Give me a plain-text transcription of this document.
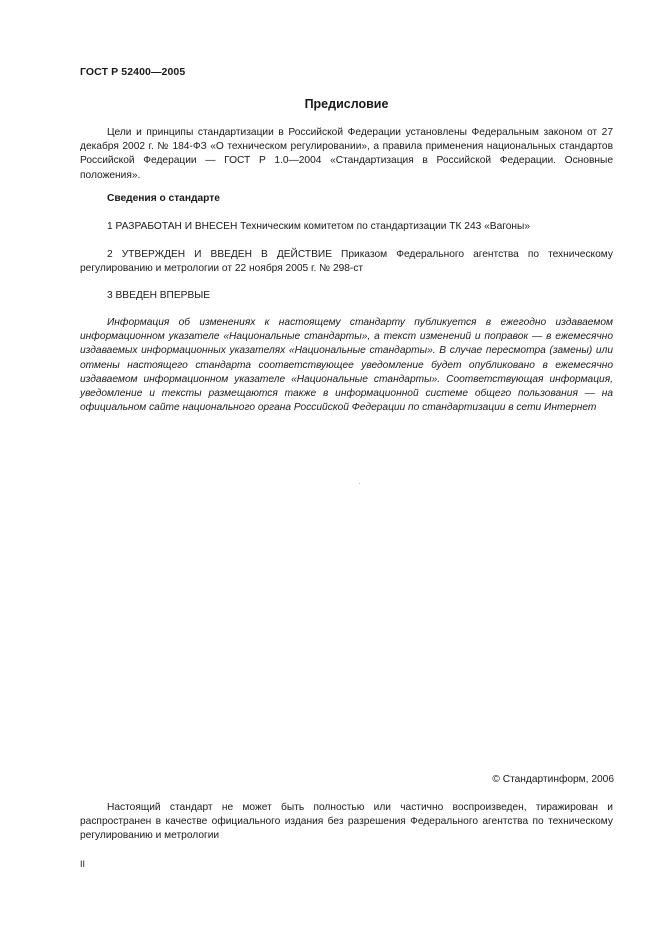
ГОСТ Р 52400—2005
Предисловие

Цели и принципы стандартизации в Российской Федерации установлены Федеральным законом от 27 декабря 2002 г. № 184-ФЗ «О техническом регулировании», а правила применения национальных стандартов Российской Федерации — ГОСТ Р 1.0—2004 «Стандартизация в Российской Федерации. Основные положения».

Сведения о стандарте

1 РАЗРАБОТАН И ВНЕСЕН Техническим комитетом по стандартизации ТК 243 «Вагоны»

2 УТВЕРЖДЕН И ВВЕДЕН В ДЕЙСТВИЕ Приказом Федерального агентства по техническому регулированию и метрологии от 22 ноября 2005 г. № 298-ст

3 ВВЕДЕН ВПЕРВЫЕ

Информация об изменениях к настоящему стандарту публикуется в ежегодно издаваемом информационном указателе «Национальные стандарты», а текст изменений и поправок — в ежемесячно издаваемых информационных указателях «Национальные стандарты». В случае пересмотра (замены) или отмены настоящего стандарта соответствующее уведомление будет опубликовано в ежемесячно издаваемом информационном указателе «Национальные стандарты». Соответствующая информация, уведомление и тексты размещаются также в информационной системе общего пользования — на официальном сайте национального органа Российской Федерации по стандартизации в сети Интернет

© Стандартинформ, 2006

Настоящий стандарт не может быть полностью или частично воспроизведен, тиражирован и распространен в качестве официального издания без разрешения Федерального агентства по техническому регулированию и метрологии

II
